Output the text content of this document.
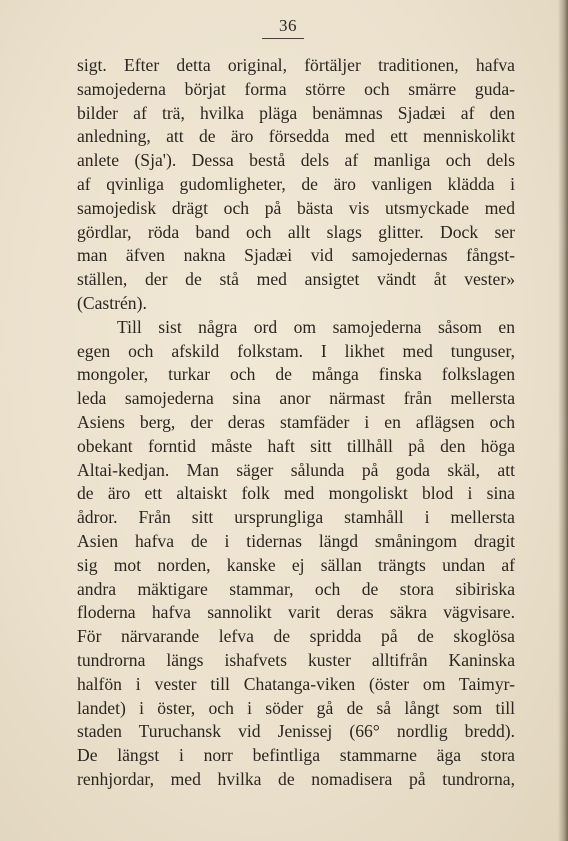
36
sigt. Efter detta original, förtäljer traditionen, hafva
samojederna börjat forma större och smärre guda-
bilder af trä, hvilka pläga benämnas Sjadæi af den
anledning, att de äro försedda med ett menniskolikt
anlete (Sja'). Dessa bestå dels af manliga och dels
af qvinliga gudomligheter, de äro vanligen klädda i
samojedisk drägt och på bästa vis utsmyckade med
gördlar, röda band och allt slags glitter. Dock ser
man äfven nakna Sjadæi vid samojedernas fångst-
ställen, der de stå med ansigtet vändt åt vester»
(Castrén).
Till sist några ord om samojederna såsom en
egen och afskild folkstam. I likhet med tunguser,
mongoler, turkar och de många finska folkslagen
leda samojederna sina anor närmast från mellersta
Asiens berg, der deras stamfäder i en aflägsen och
obekant forntid måste haft sitt tillhåll på den höga
Altai-kedjan. Man säger sålunda på goda skäl, att
de äro ett altaiskt folk med mongoliskt blod i sina
ådror. Från sitt ursprungliga stamhåll i mellersta
Asien hafva de i tidernas längd småningom dragit
sig mot norden, kanske ej sällan trängts undan af
andra mäktigare stammar, och de stora sibiriska
floderna hafva sannolikt varit deras säkra vägvisare.
För närvarande lefva de spridda på de skoglösa
tundrorna längs ishafvets kuster alltifrån Kaninska
halfön i vester till Chatanga-viken (öster om Taimyr-
landet) i öster, och i söder gå de så långt som till
staden Turuchansk vid Jenissej (66° nordlig bredd).
De längst i norr befintliga stammarne äga stora
renhjordar, med hvilka de nomadisera på tundrorna,
